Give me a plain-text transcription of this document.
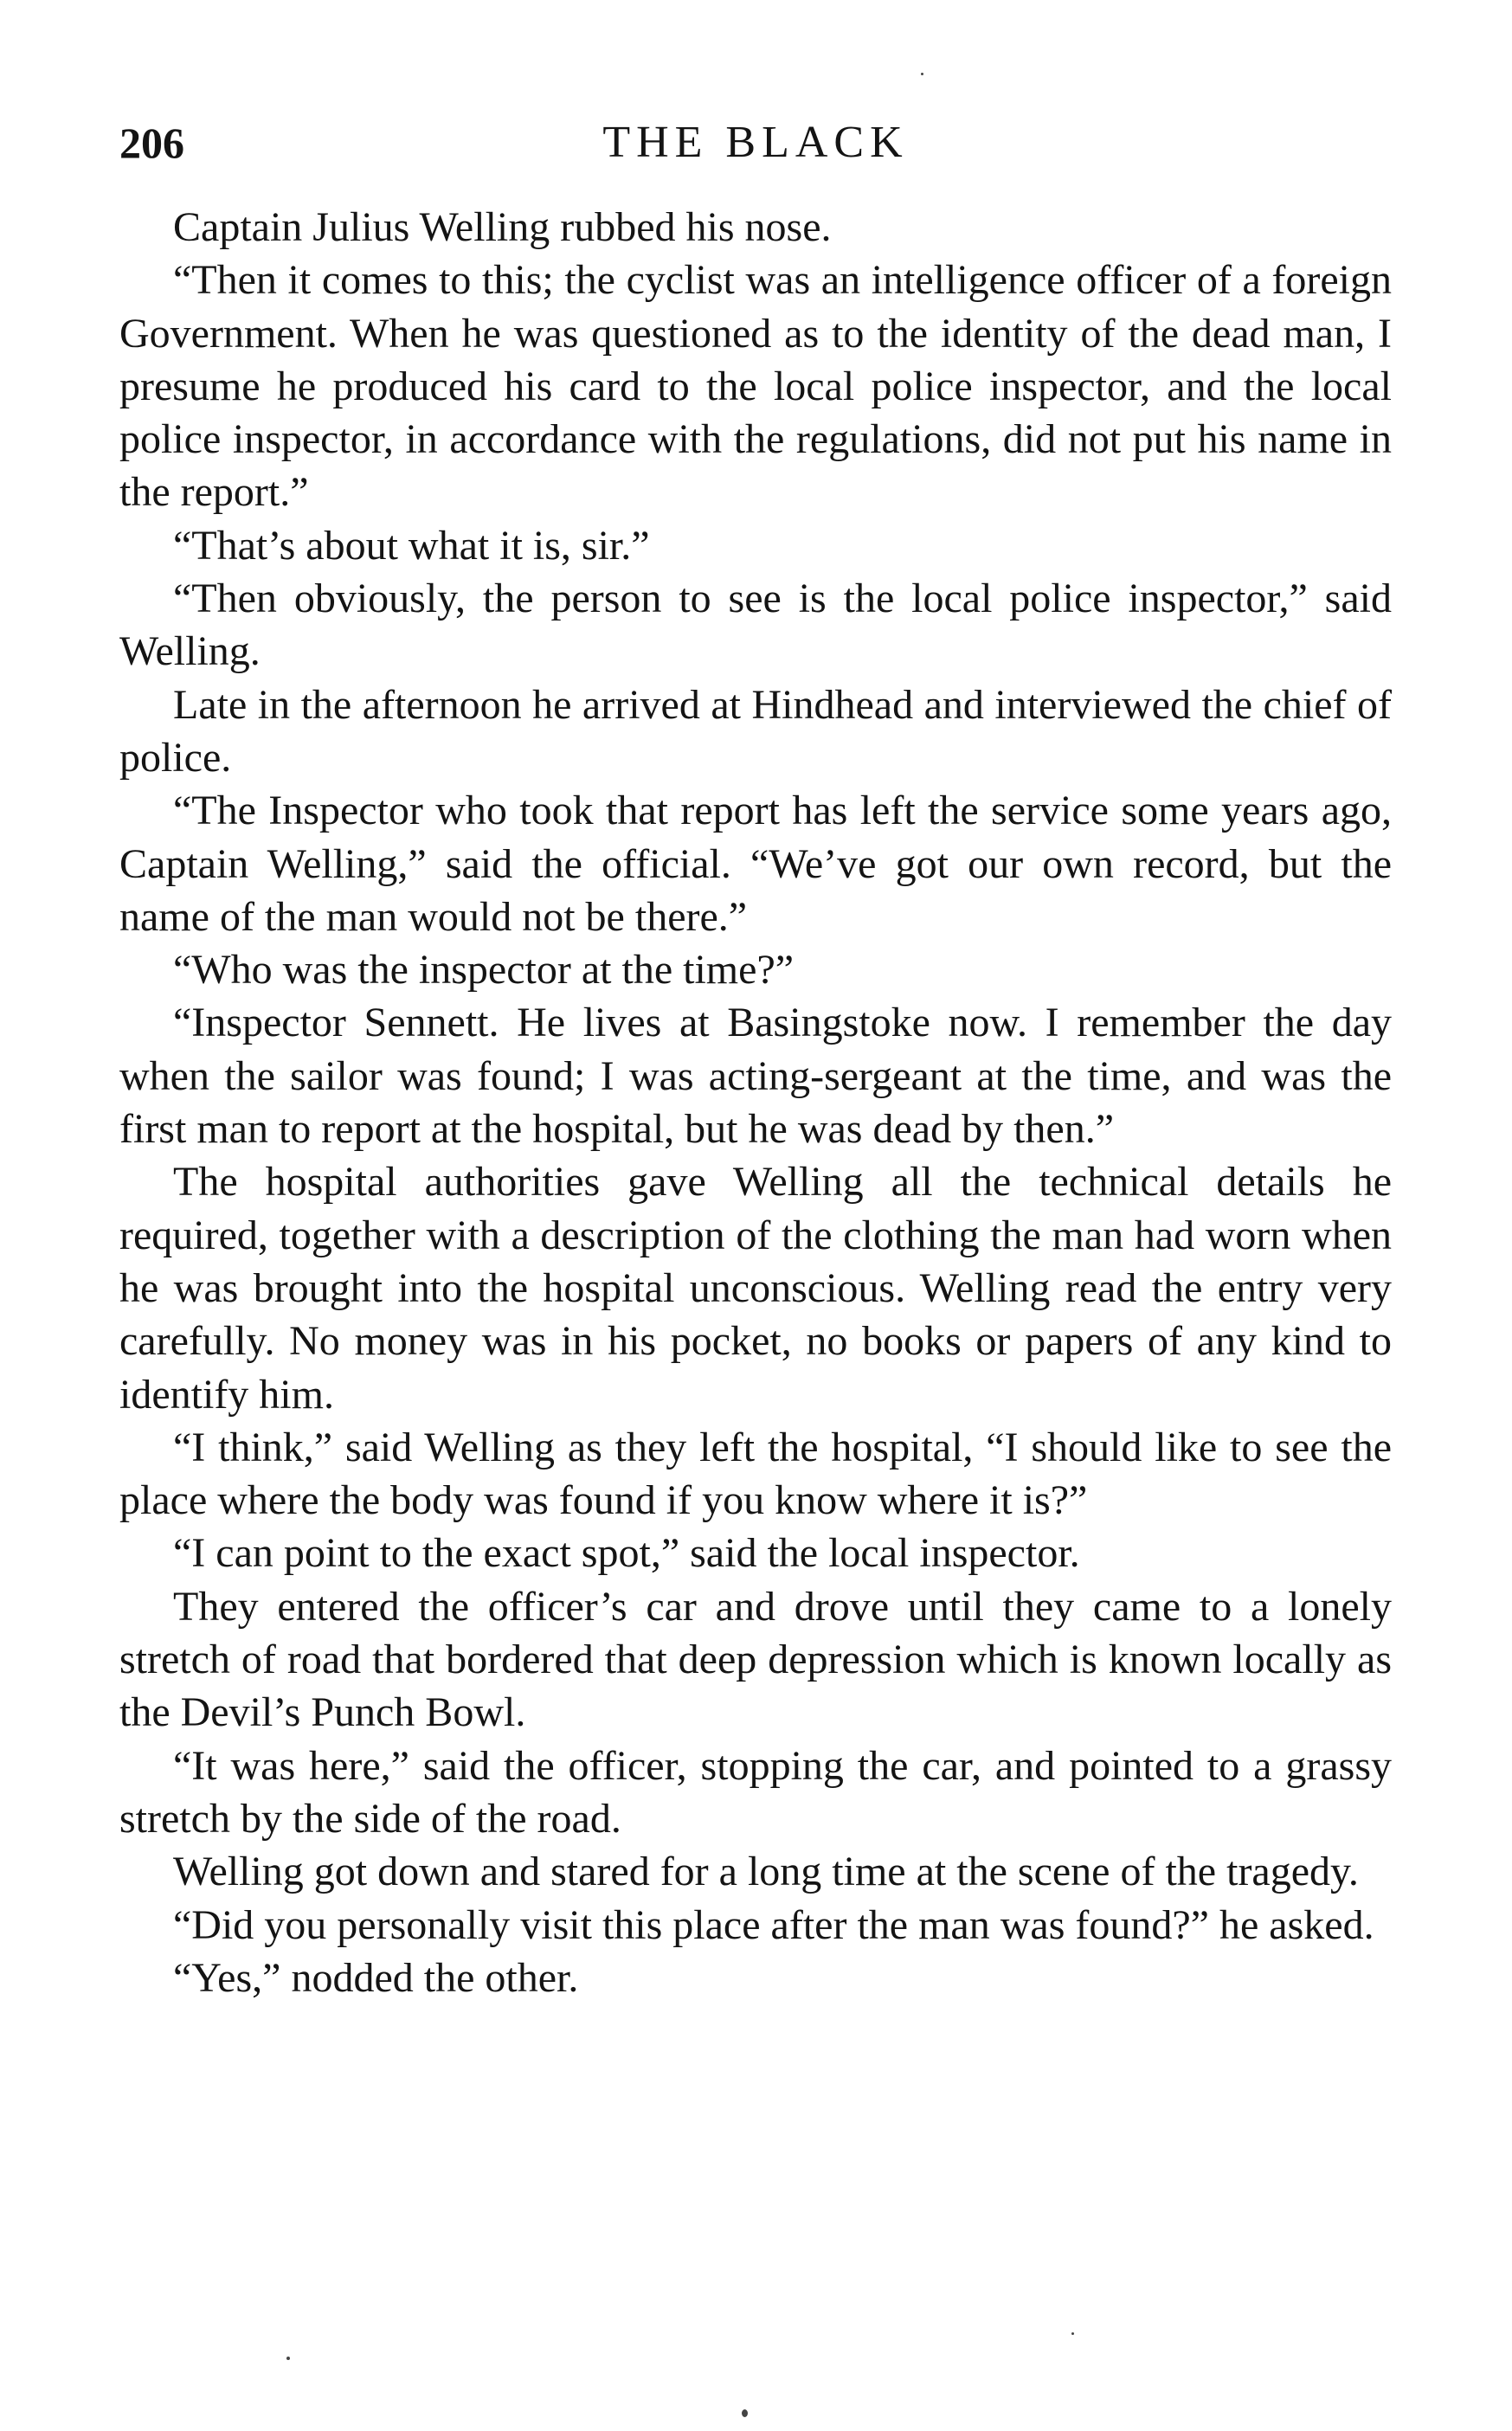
206	THE BLACK

Captain Julius Welling rubbed his nose.

“Then it comes to this; the cyclist was an intelligence officer of a foreign Government. When he was questioned as to the identity of the dead man, I presume he produced his card to the local police inspector, and the local police inspector, in accordance with the regulations, did not put his name in the report.”

“That’s about what it is, sir.”

“Then obviously, the person to see is the local police inspector,” said Welling.

Late in the afternoon he arrived at Hindhead and interviewed the chief of police.

“The Inspector who took that report has left the service some years ago, Captain Welling,” said the official. “We’ve got our own record, but the name of the man would not be there.”

“Who was the inspector at the time?”

“Inspector Sennett. He lives at Basingstoke now. I remember the day when the sailor was found; I was acting-sergeant at the time, and was the first man to report at the hospital, but he was dead by then.”

The hospital authorities gave Welling all the technical details he required, together with a description of the clothing the man had worn when he was brought into the hospital unconscious. Welling read the entry very carefully. No money was in his pocket, no books or papers of any kind to identify him.

“I think,” said Welling as they left the hospital, “I should like to see the place where the body was found if you know where it is?”

“I can point to the exact spot,” said the local inspector.

They entered the officer’s car and drove until they came to a lonely stretch of road that bordered that deep depression which is known locally as the Devil’s Punch Bowl.

“It was here,” said the officer, stopping the car, and pointed to a grassy stretch by the side of the road.

Welling got down and stared for a long time at the scene of the tragedy.

“Did you personally visit this place after the man was found?” he asked.

“Yes,” nodded the other.
